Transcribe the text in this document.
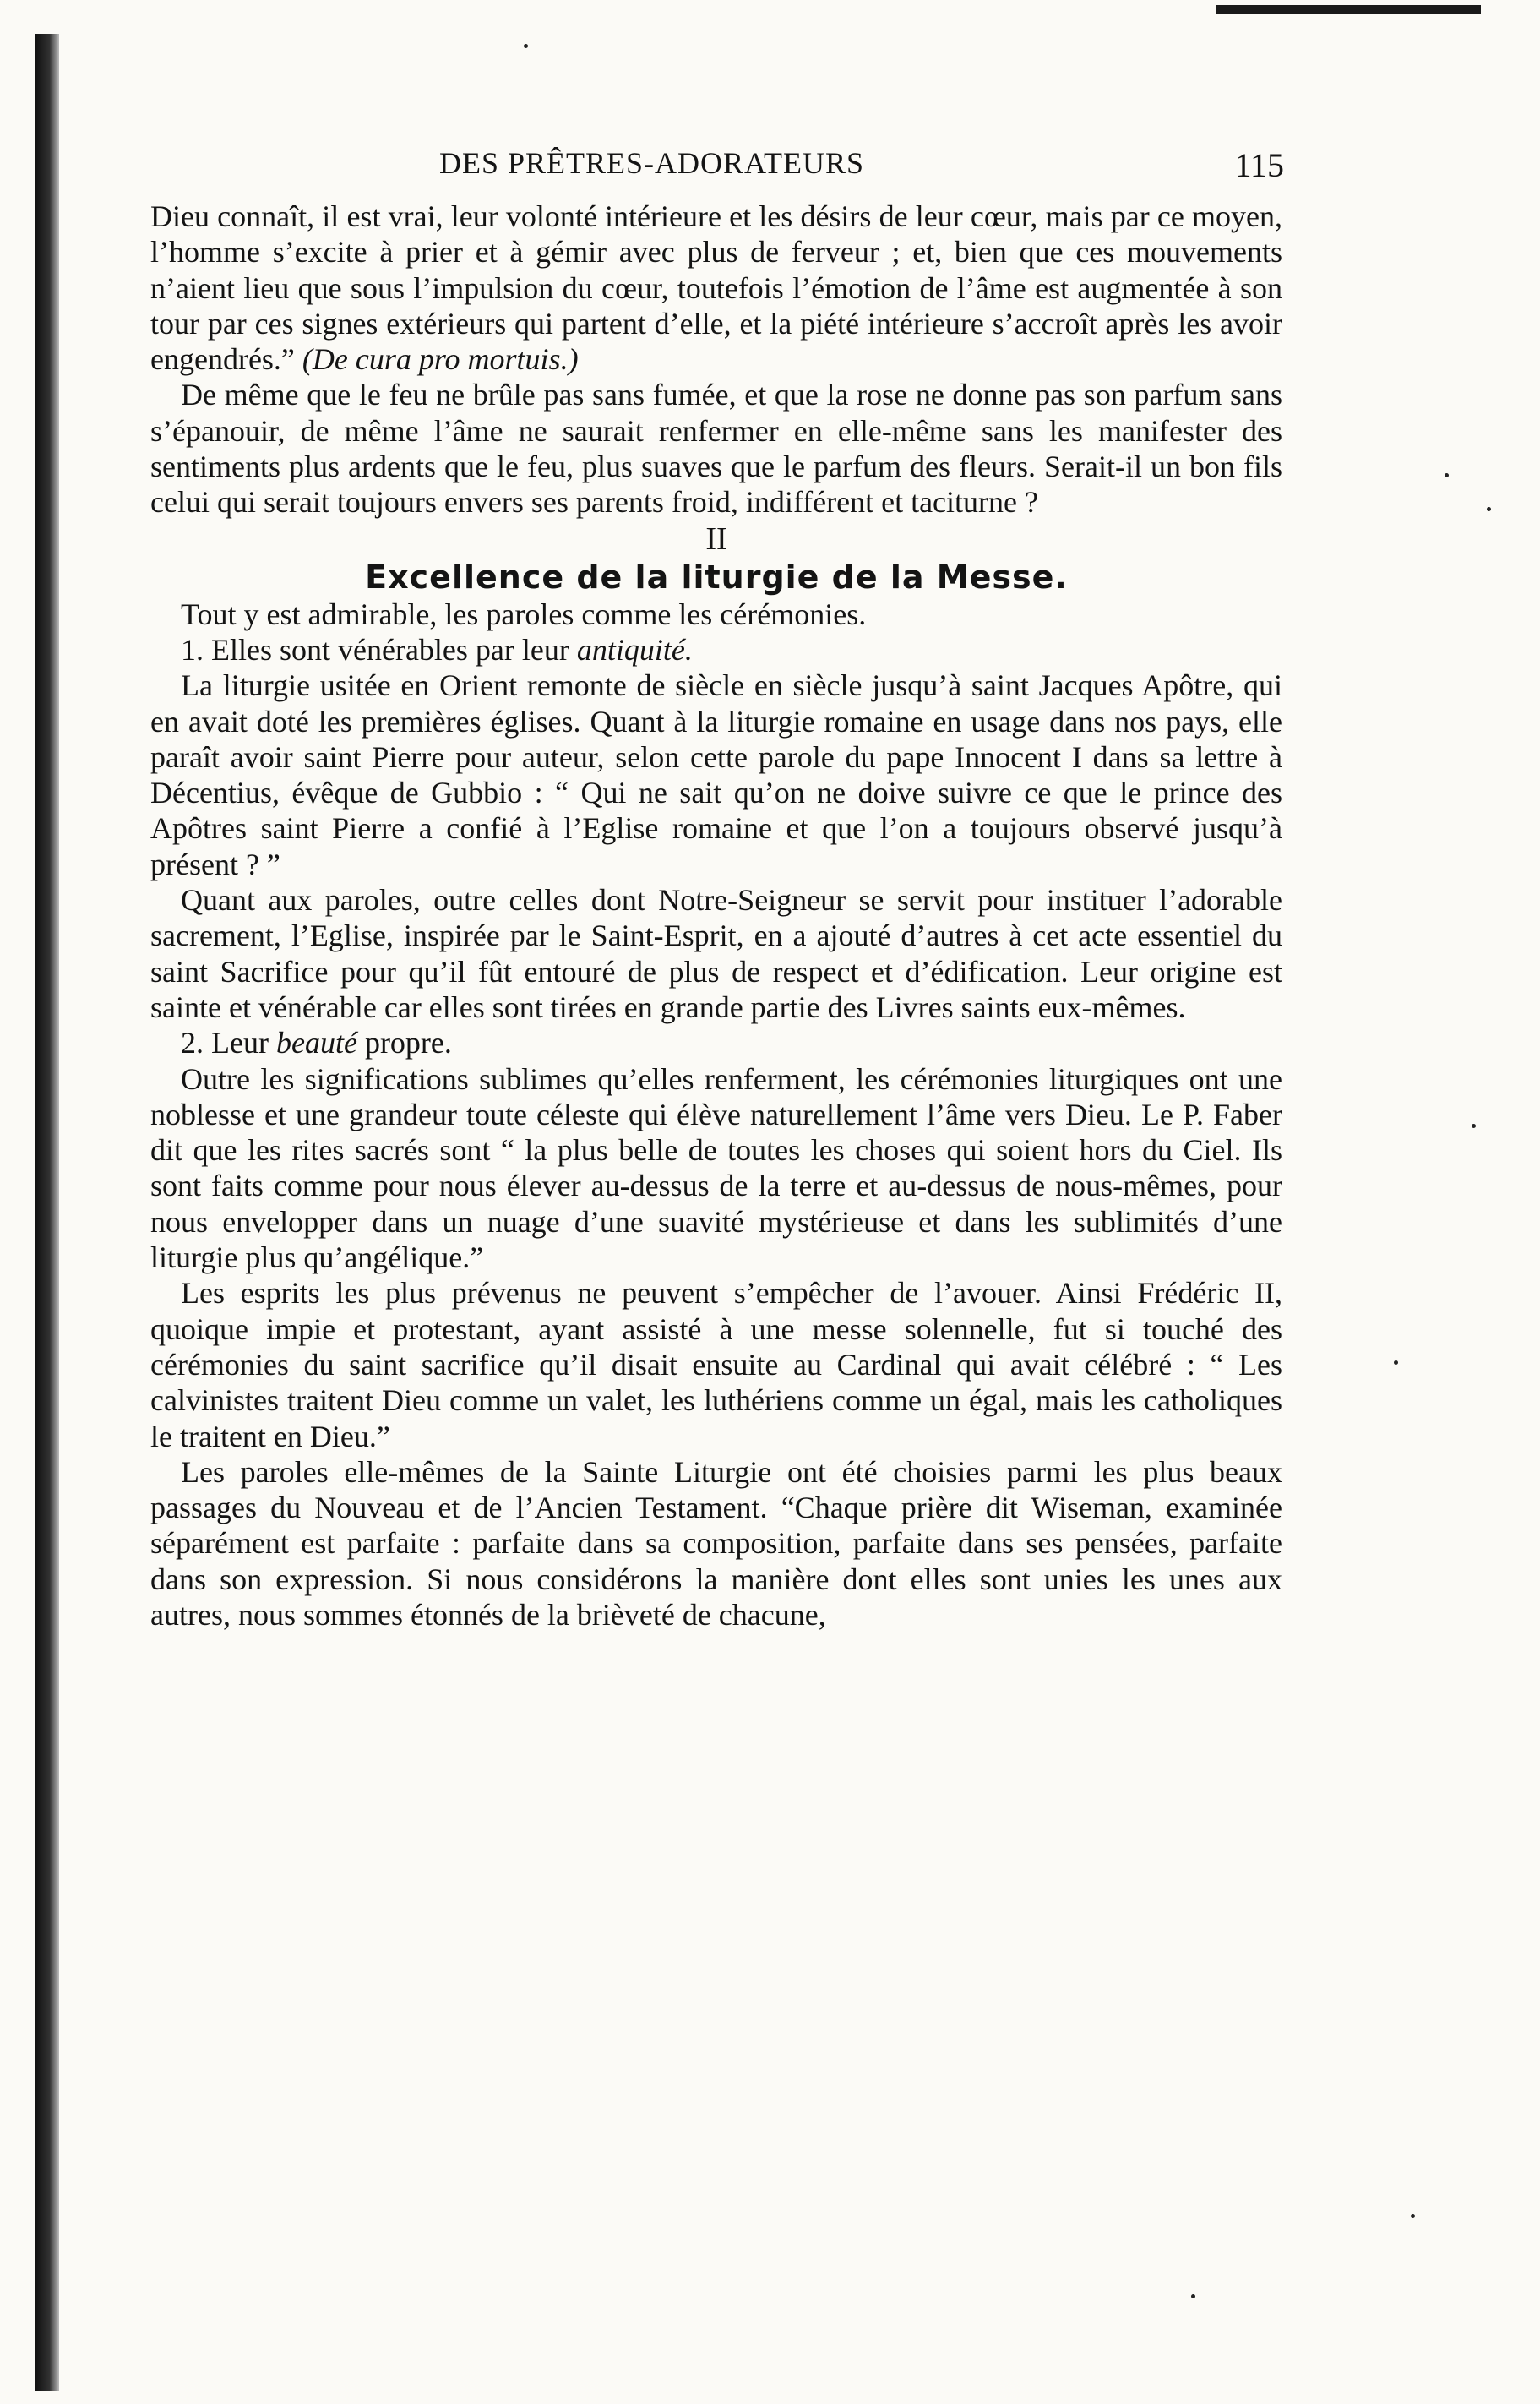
DES PRÊTRES-ADORATEURS	115

Dieu connaît, il est vrai, leur volonté intérieure et les désirs de leur cœur, mais par ce moyen, l’homme s’excite à prier et à gémir avec plus de ferveur ; et, bien que ces mouvements n’aient lieu que sous l’impulsion du cœur, toutefois l’émotion de l’âme est augmentée à son tour par ces signes extérieurs qui partent d’elle, et la piété intérieure s’accroît après les avoir engendrés.” (De cura pro mortuis.)

De même que le feu ne brûle pas sans fumée, et que la rose ne donne pas son parfum sans s’épanouir, de même l’âme ne saurait renfermer en elle-même sans les manifester des sentiments plus ardents que le feu, plus suaves que le parfum des fleurs. Serait-il un bon fils celui qui serait toujours envers ses parents froid, indifférent et taciturne ?

II

Excellence de la liturgie de la Messe.

Tout y est admirable, les paroles comme les cérémonies.

1. Elles sont vénérables par leur antiquité.

La liturgie usitée en Orient remonte de siècle en siècle jusqu’à saint Jacques Apôtre, qui en avait doté les premières églises. Quant à la liturgie romaine en usage dans nos pays, elle paraît avoir saint Pierre pour auteur, selon cette parole du pape Innocent I dans sa lettre à Décentius, évêque de Gubbio : “ Qui ne sait qu’on ne doive suivre ce que le prince des Apôtres saint Pierre a confié à l’Eglise romaine et que l’on a toujours observé jusqu’à présent ? ”

Quant aux paroles, outre celles dont Notre-Seigneur se servit pour instituer l’adorable sacrement, l’Eglise, inspirée par le Saint-Esprit, en a ajouté d’autres à cet acte essentiel du saint Sacrifice pour qu’il fût entouré de plus de respect et d’édification. Leur origine est sainte et vénérable car elles sont tirées en grande partie des Livres saints eux-mêmes.

2. Leur beauté propre.

Outre les significations sublimes qu’elles renferment, les cérémonies liturgiques ont une noblesse et une grandeur toute céleste qui élève naturellement l’âme vers Dieu. Le P. Faber dit que les rites sacrés sont “ la plus belle de toutes les choses qui soient hors du Ciel. Ils sont faits comme pour nous élever au-dessus de la terre et au-dessus de nous-mêmes, pour nous envelopper dans un nuage d’une suavité mystérieuse et dans les sublimités d’une liturgie plus qu’angélique.”

Les esprits les plus prévenus ne peuvent s’empêcher de l’avouer. Ainsi Frédéric II, quoique impie et protestant, ayant assisté à une messe solennelle, fut si touché des cérémonies du saint sacrifice qu’il disait ensuite au Cardinal qui avait célébré : “ Les calvinistes traitent Dieu comme un valet, les luthériens comme un égal, mais les catholiques le traitent en Dieu.”

Les paroles elle-mêmes de la Sainte Liturgie ont été choisies parmi les plus beaux passages du Nouveau et de l’Ancien Testament. “Chaque prière dit Wiseman, examinée séparément est parfaite : parfaite dans sa composition, parfaite dans ses pensées, parfaite dans son expression. Si nous considérons la manière dont elles sont unies les unes aux autres, nous sommes étonnés de la brièveté de chacune,
